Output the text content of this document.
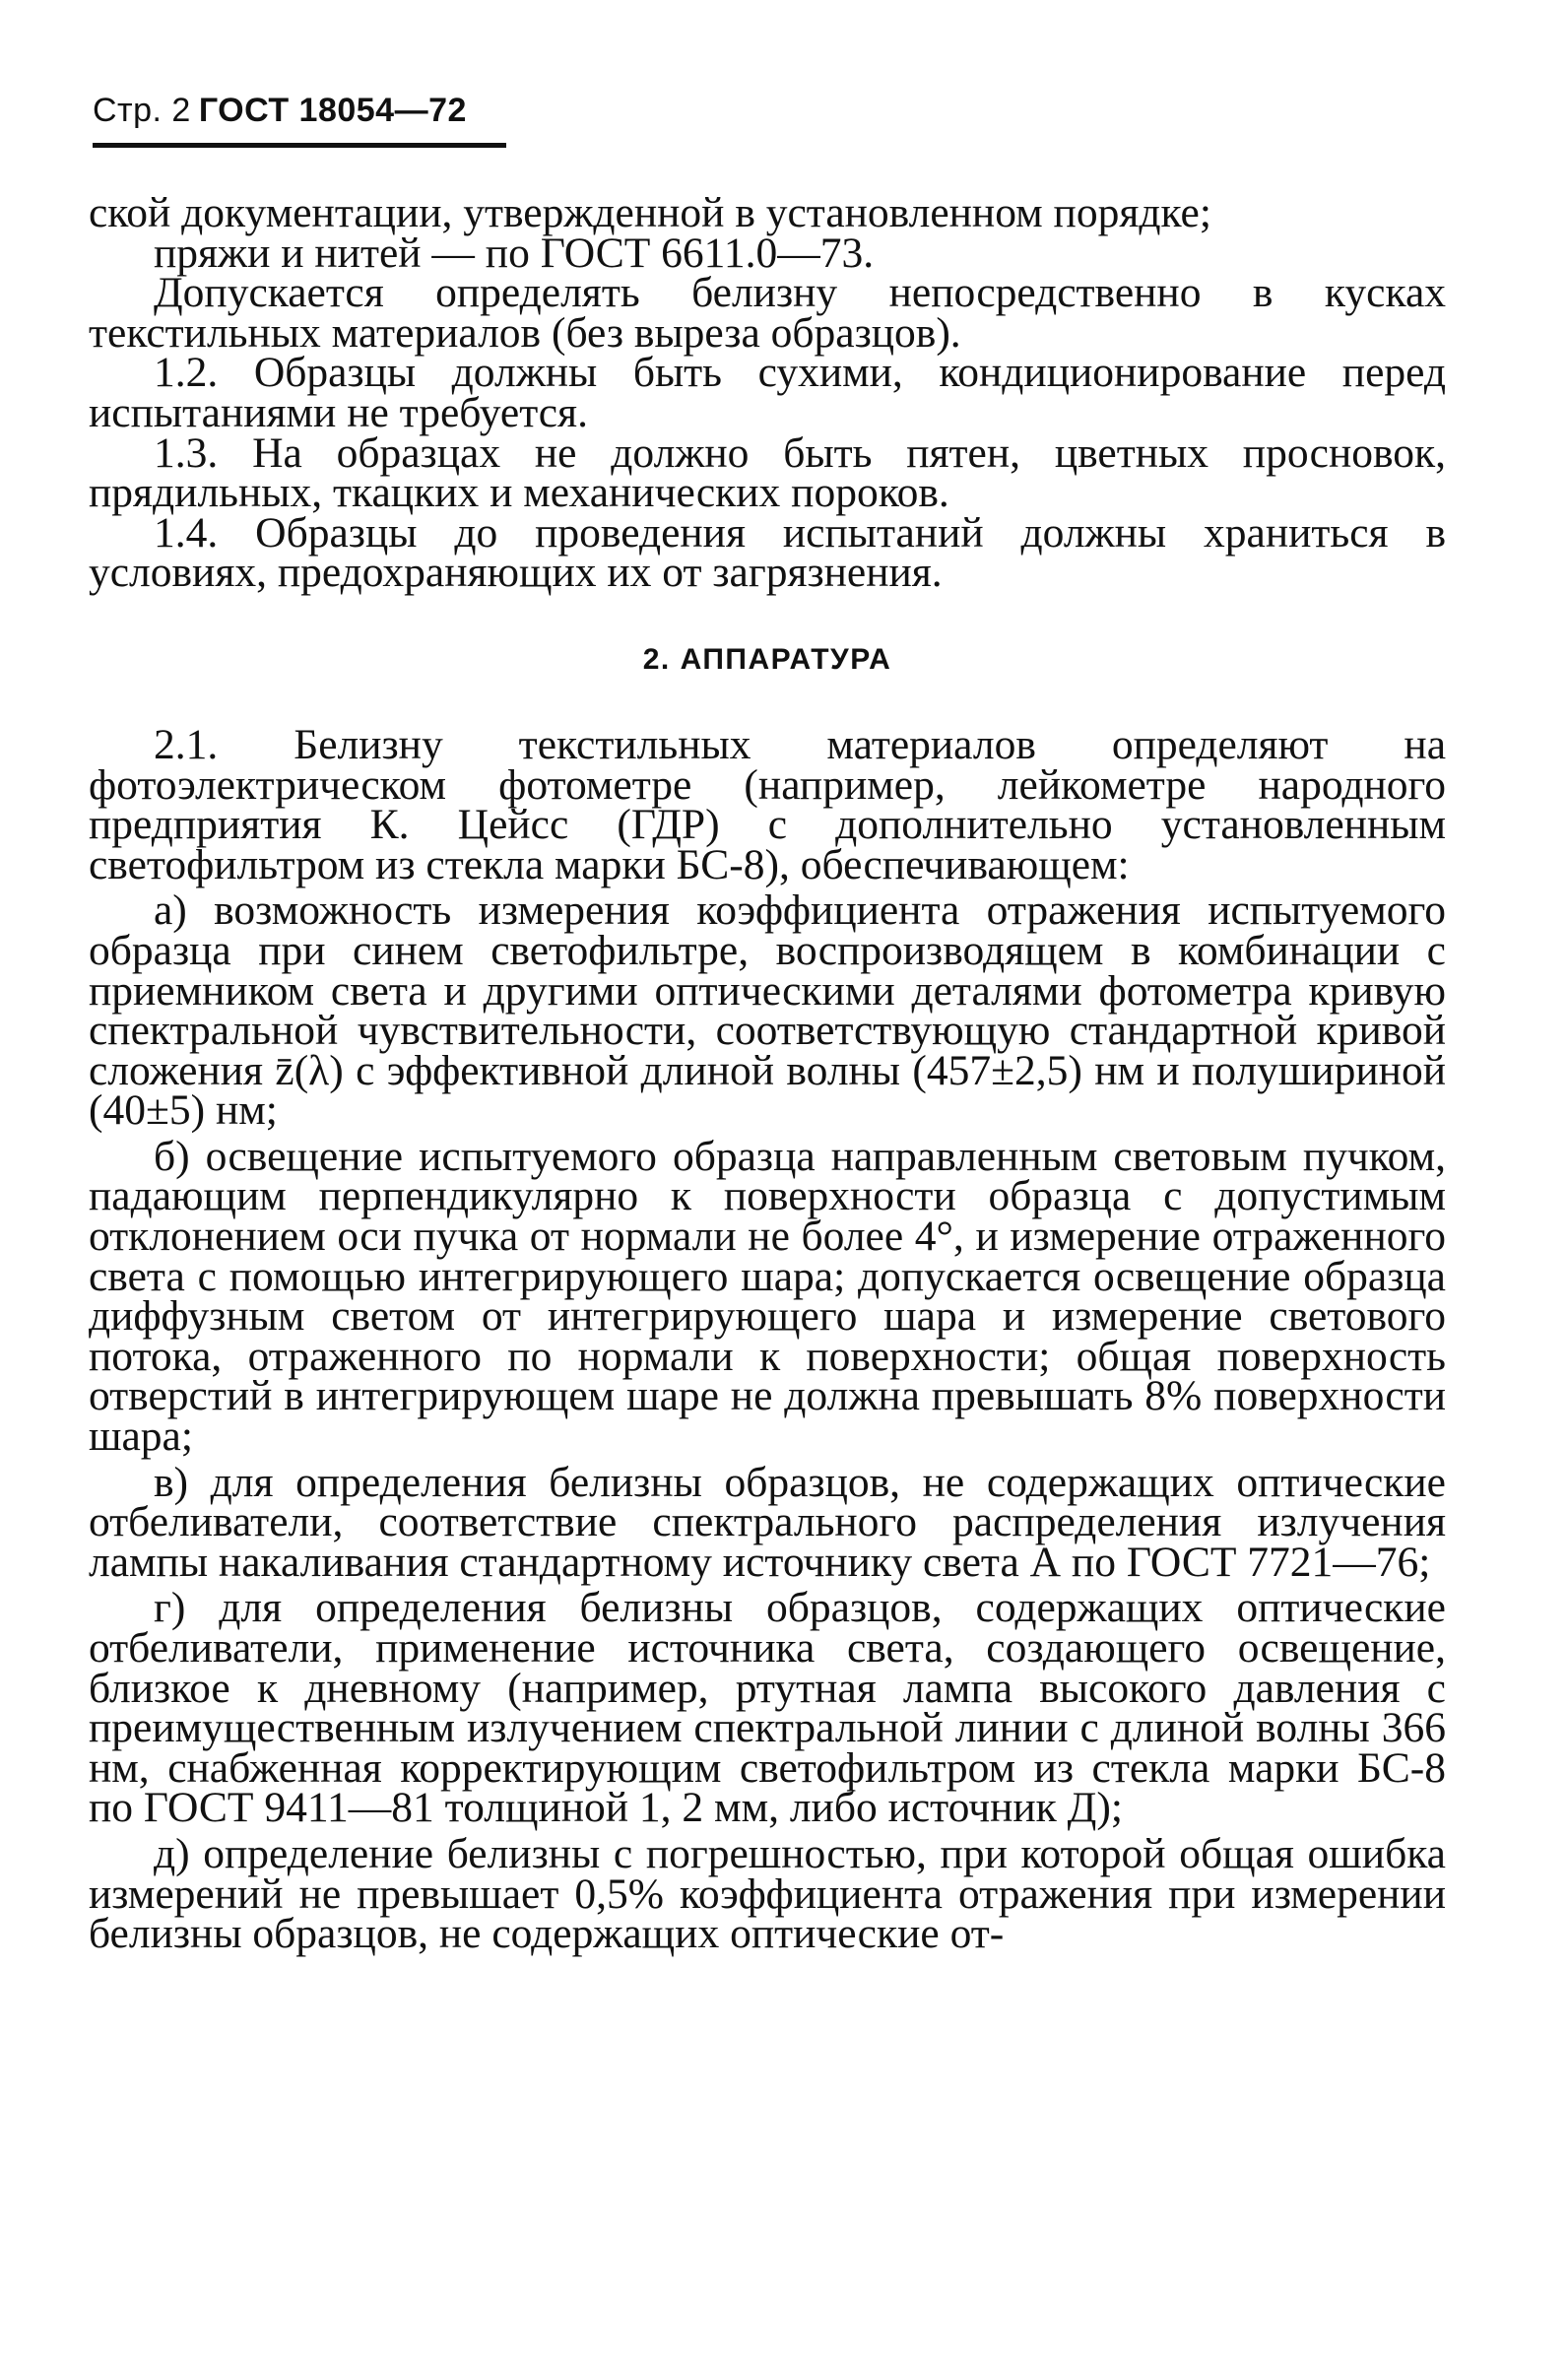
Стр. 2 ГОСТ 18054—72

ской документации, утвержденной в установленном порядке;

пряжи и нитей — по ГОСТ 6611.0—73.

Допускается определять белизну непосредственно в кусках текстильных материалов (без выреза образцов).

1.2. Образцы должны быть сухими, кондиционирование перед испытаниями не требуется.

1.3. На образцах не должно быть пятен, цветных просновок, прядильных, ткацких и механических пороков.

1.4. Образцы до проведения испытаний должны храниться в условиях, предохраняющих их от загрязнения.

2. АППАРАТУРА

2.1. Белизну текстильных материалов определяют на фотоэлектрическом фотометре (например, лейкометре народного предприятия К. Цейсс (ГДР) с дополнительно установленным светофильтром из стекла марки БС-8), обеспечивающем:

а) возможность измерения коэффициента отражения испытуемого образца при синем светофильтре, воспроизводящем в комбинации с приемником света и другими оптическими деталями фотометра кривую спектральной чувствительности, соответствующую стандартной кривой сложения z̄(λ) с эффективной длиной волны (457±2,5) нм и полушириной (40±5) нм;

б) освещение испытуемого образца направленным световым пучком, падающим перпендикулярно к поверхности образца с допустимым отклонением оси пучка от нормали не более 4°, и измерение отраженного света с помощью интегрирующего шара; допускается освещение образца диффузным светом от интегрирующего шара и измерение светового потока, отраженного по нормали к поверхности; общая поверхность отверстий в интегрирующем шаре не должна превышать 8% поверхности шара;

в) для определения белизны образцов, не содержащих оптические отбеливатели, соответствие спектрального распределения излучения лампы накаливания стандартному источнику света А по ГОСТ 7721—76;

г) для определения белизны образцов, содержащих оптические отбеливатели, применение источника света, создающего освещение, близкое к дневному (например, ртутная лампа высокого давления с преимущественным излучением спектральной линии с длиной волны 366 нм, снабженная корректирующим светофильтром из стекла марки БС-8 по ГОСТ 9411—81 толщиной 1, 2 мм, либо источник Д);

д) определение белизны с погрешностью, при которой общая ошибка измерений не превышает 0,5% коэффициента отражения при измерении белизны образцов, не содержащих оптические от-
